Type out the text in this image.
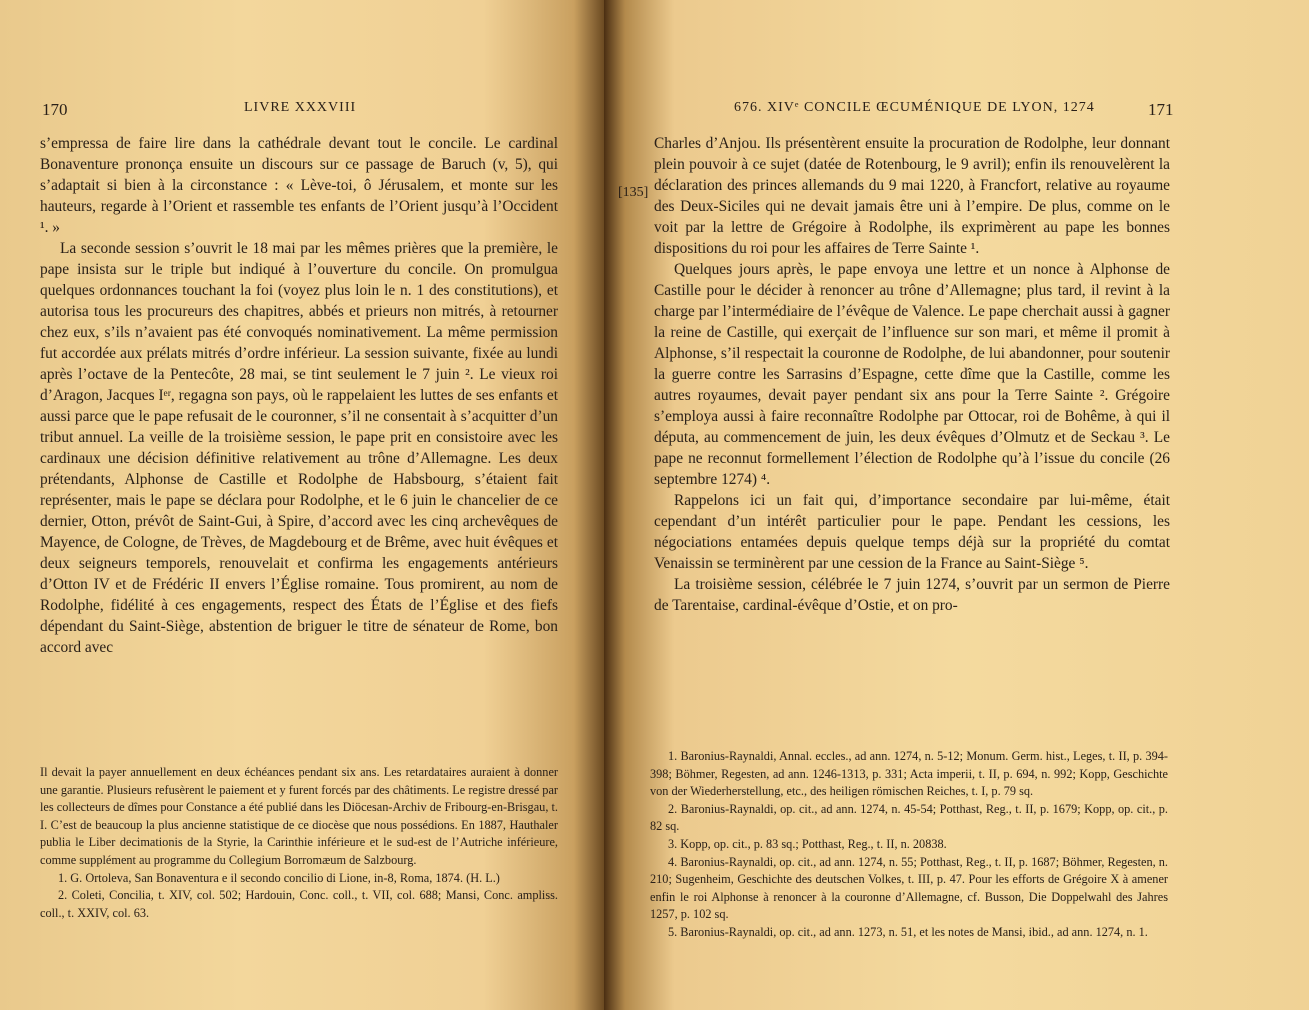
170	LIVRE XXXVIII

s’empressa de faire lire dans la cathédrale devant tout le concile. Le cardinal Bonaventure prononça ensuite un discours sur ce passage de Baruch (v, 5), qui s’adaptait si bien à la circonstance : « Lève-toi, ô Jérusalem, et monte sur les hauteurs, regarde à l’Orient et rassemble tes enfants de l’Orient jusqu’à l’Occident ¹. »

La seconde session s’ouvrit le 18 mai par les mêmes prières que la première, le pape insista sur le triple but indiqué à l’ouverture du concile. On promulgua quelques ordonnances touchant la foi (voyez plus loin le n. 1 des constitutions), et autorisa tous les procureurs des chapitres, abbés et prieurs non mitrés, à retourner chez eux, s’ils n’avaient pas été convoqués nominativement. La même permission fut accordée aux prélats mitrés d’ordre inférieur. La session suivante, fixée au lundi après l’octave de la Pentecôte, 28 mai, se tint seulement le 7 juin ². Le vieux roi d’Aragon, Jacques Iᵉʳ, regagna son pays, où le rappelaient les luttes de ses enfants et aussi parce que le pape refusait de le couronner, s’il ne consentait à s’acquitter d’un tribut annuel. La veille de la troisième session, le pape prit en consistoire avec les cardinaux une décision définitive relativement au trône d’Allemagne. Les deux prétendants, Alphonse de Castille et Rodolphe de Habsbourg, s’étaient fait représenter, mais le pape se déclara pour Rodolphe, et le 6 juin le chancelier de ce dernier, Otton, prévôt de Saint-Gui, à Spire, d’accord avec les cinq archevêques de Mayence, de Cologne, de Trèves, de Magdebourg et de Brême, avec huit évêques et deux seigneurs temporels, renouvelait et confirma les engagements antérieurs d’Otton IV et de Frédéric II envers l’Église romaine. Tous promirent, au nom de Rodolphe, fidélité à ces engagements, respect des États de l’Église et des fiefs dépendant du Saint-Siège, abstention de briguer le titre de sénateur de Rome, bon accord avec

Il devait la payer annuellement en deux échéances pendant six ans. Les retardataires auraient à donner une garantie. Plusieurs refusèrent le paiement et y furent forcés par des châtiments. Le registre dressé par les collecteurs de dîmes pour Constance a été publié dans les Diöcesan-Archiv de Fribourg-en-Brisgau, t. I. C’est de beaucoup la plus ancienne statistique de ce diocèse que nous possédions. En 1887, Hauthaler publia le Liber decimationis de la Styrie, la Carinthie inférieure et le sud-est de l’Autriche inférieure, comme supplément au programme du Collegium Borromæum de Salzbourg.

1. G. Ortoleva, San Bonaventura e il secondo concilio di Lione, in-8, Roma, 1874. (H. L.)

2. Coleti, Concilia, t. XIV, col. 502; Hardouin, Conc. coll., t. VII, col. 688; Mansi, Conc. ampliss. coll., t. XXIV, col. 63.

676. XIVᵉ CONCILE ŒCUMÉNIQUE DE LYON, 1274	171

Charles d’Anjou. Ils présentèrent ensuite la procuration de Rodolphe, leur donnant plein pouvoir à ce sujet (datée de Rotenbourg, le 9 avril); enfin ils renouvelèrent la déclaration des princes allemands du 9 mai 1220, à Francfort, relative au royaume des Deux-Siciles qui ne devait jamais être uni à l’empire. De plus, comme on le voit par la lettre de Grégoire à Rodolphe, ils exprimèrent au pape les bonnes dispositions du roi pour les affaires de Terre Sainte ¹.

Quelques jours après, le pape envoya une lettre et un nonce à Alphonse de Castille pour le décider à renoncer au trône d’Allemagne; plus tard, il revint à la charge par l’intermédiaire de l’évêque de Valence. Le pape cherchait aussi à gagner la reine de Castille, qui exerçait de l’influence sur son mari, et même il promit à Alphonse, s’il respectait la couronne de Rodolphe, de lui abandonner, pour soutenir la guerre contre les Sarrasins d’Espagne, cette dîme que la Castille, comme les autres royaumes, devait payer pendant six ans pour la Terre Sainte ². Grégoire s’employa aussi à faire reconnaître Rodolphe par Ottocar, roi de Bohême, à qui il députa, au commencement de juin, les deux évêques d’Olmutz et de Seckau ³. Le pape ne reconnut formellement l’élection de Rodolphe qu’à l’issue du concile (26 septembre 1274) ⁴.

Rappelons ici un fait qui, d’importance secondaire par lui-même, était cependant d’un intérêt particulier pour le pape. Pendant les cessions, les négociations entamées depuis quelque temps déjà sur la propriété du comtat Venaissin se terminèrent par une cession de la France au Saint-Siège ⁵.

La troisième session, célébrée le 7 juin 1274, s’ouvrit par un sermon de Pierre de Tarentaise, cardinal-évêque d’Ostie, et on pro-

1. Baronius-Raynaldi, Annal. eccles., ad ann. 1274, n. 5-12; Monum. Germ. hist., Leges, t. II, p. 394-398; Böhmer, Regesten, ad ann. 1246-1313, p. 331; Acta imperii, t. II, p. 694, n. 992; Kopp, Geschichte von der Wiederherstellung, etc., des heiligen römischen Reiches, t. I, p. 79 sq.

2. Baronius-Raynaldi, op. cit., ad ann. 1274, n. 45-54; Potthast, Reg., t. II, p. 1679; Kopp, op. cit., p. 82 sq.

3. Kopp, op. cit., p. 83 sq.; Potthast, Reg., t. II, n. 20838.

4. Baronius-Raynaldi, op. cit., ad ann. 1274, n. 55; Potthast, Reg., t. II, p. 1687; Böhmer, Regesten, n. 210; Sugenheim, Geschichte des deutschen Volkes, t. III, p. 47. Pour les efforts de Grégoire X à amener enfin le roi Alphonse à renoncer à la couronne d’Allemagne, cf. Busson, Die Doppelwahl des Jahres 1257, p. 102 sq.

5. Baronius-Raynaldi, op. cit., ad ann. 1273, n. 51, et les notes de Mansi, ibid., ad ann. 1274, n. 1.

[135]
